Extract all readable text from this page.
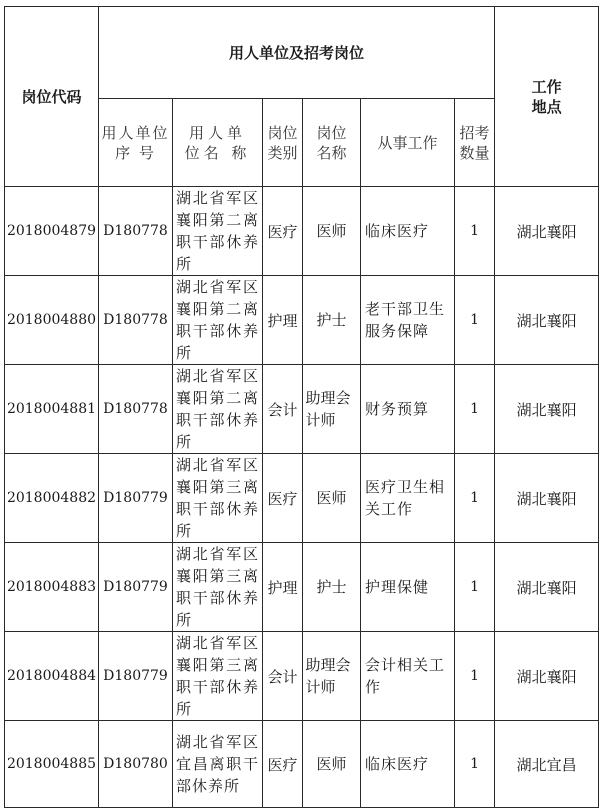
岗位代码	用人单位及招考岗位						工作地点

	用人单位序 号	用人单位名 称	岗位类别	岗位名称	从事工作	招考数量	

2018004879	D180778	湖北省军区襄阳第二离职干部休养所	医疗	医师	临床医疗	1	湖北襄阳
2018004880	D180778	湖北省军区襄阳第二离职干部休养所	护理	护士	老干部卫生服务保障	1	湖北襄阳
2018004881	D180778	湖北省军区襄阳第二离职干部休养所	会计	助理会计师	财务预算	1	湖北襄阳
2018004882	D180779	湖北省军区襄阳第三离职干部休养所	医疗	医师	医疗卫生相关工作	1	湖北襄阳
2018004883	D180779	湖北省军区襄阳第三离职干部休养所	护理	护士	护理保健	1	湖北襄阳
2018004884	D180779	湖北省军区襄阳第三离职干部休养所	会计	助理会计师	会计相关工作	1	湖北襄阳
2018004885	D180780	湖北省军区宜昌离职干部休养所	医疗	医师	临床医疗	1	湖北宜昌
